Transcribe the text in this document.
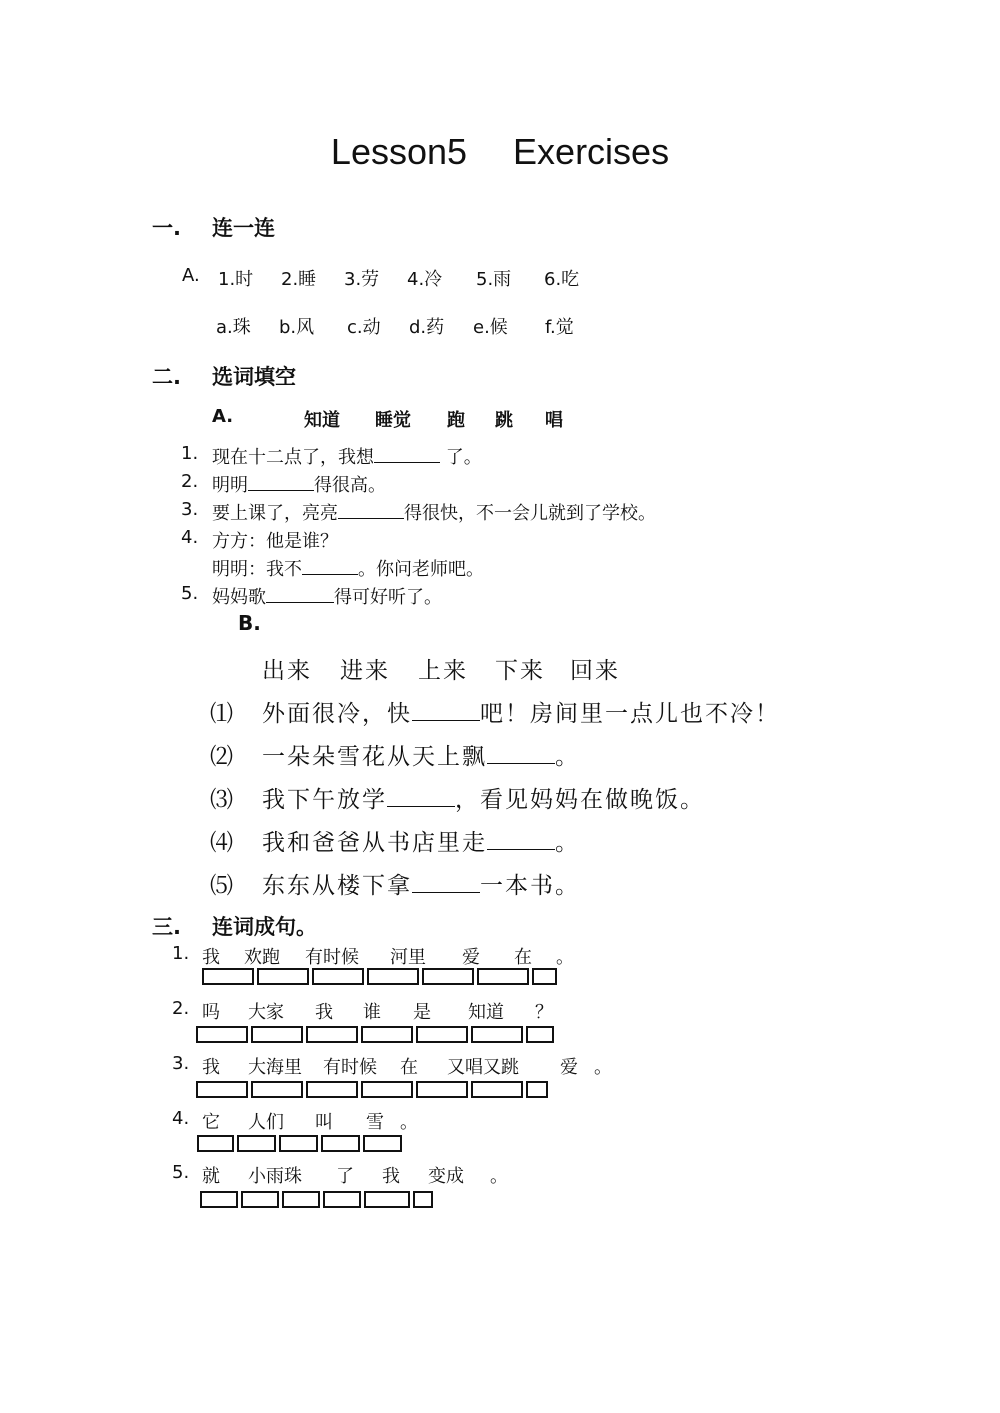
Lesson5　 Exercises
一. 连一连
A. 1.时 2.睡 3.劳 4.冷 5.雨 6.吃
a.珠 b.风 c.动 d.药 e.候 f.觉
二. 选词填空
A.	知道 睡觉 跑 跳 唱
1. 现在十二点了，我想	了。
2. 明明	得很高。
3. 要上课了，亮亮	得很快，不一会儿就到了学校。
4. 方方：他是谁？
明明：我不	。你问老师吧。
5. 妈妈歌	得可好听了。
B.
出来 进来 上来 下来 回来
⑴ 外面很冷，快	吧！房间里一点儿也不冷！
⑵ 一朵朵雪花从天上飘	。
⑶ 我下午放学	，看见妈妈在做晚饭。
⑷ 我和爸爸从书店里走	。
⑸ 东东从楼下拿	一本书。
三. 连词成句。
1. 我 欢跑 有时候 河里 爱 在 。
2. 吗 大家 我 谁 是 知道 ？
3. 我 大海里 有时候 在 又唱又跳 爱 。
4. 它 人们 叫 雪 。
5. 就 小雨珠 了 我 变成 。
